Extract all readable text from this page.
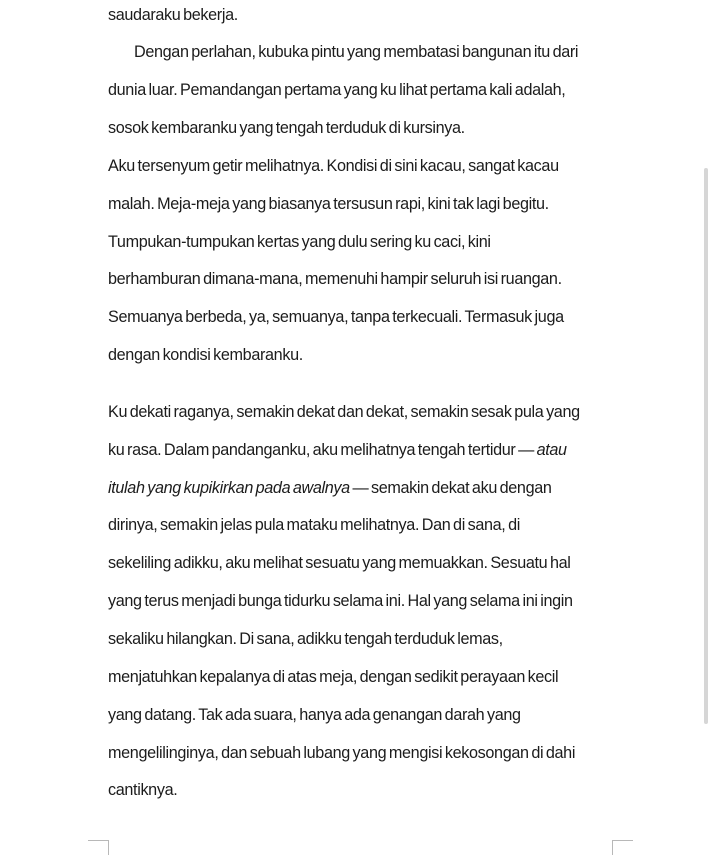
saudaraku bekerja.
Dengan perlahan, kubuka pintu yang membatasi bangunan itu dari
dunia luar. Pemandangan pertama yang ku lihat pertama kali adalah,
sosok kembaranku yang tengah terduduk di kursinya.
Aku tersenyum getir melihatnya. Kondisi di sini kacau, sangat kacau
malah. Meja-meja yang biasanya tersusun rapi, kini tak lagi begitu.
Tumpukan-tumpukan kertas yang dulu sering ku caci, kini
berhamburan dimana-mana, memenuhi hampir seluruh isi ruangan.
Semuanya berbeda, ya, semuanya, tanpa terkecuali. Termasuk juga
dengan kondisi kembaranku.
Ku dekati raganya, semakin dekat dan dekat, semakin sesak pula yang
ku rasa. Dalam pandanganku, aku melihatnya tengah tertidur — atau
itulah yang kupikirkan pada awalnya — semakin dekat aku dengan
dirinya, semakin jelas pula mataku melihatnya. Dan di sana, di
sekeliling adikku, aku melihat sesuatu yang memuakkan. Sesuatu hal
yang terus menjadi bunga tidurku selama ini. Hal yang selama ini ingin
sekaliku hilangkan. Di sana, adikku tengah terduduk lemas,
menjatuhkan kepalanya di atas meja, dengan sedikit perayaan kecil
yang datang. Tak ada suara, hanya ada genangan darah yang
mengelilinginya, dan sebuah lubang yang mengisi kekosongan di dahi
cantiknya.
